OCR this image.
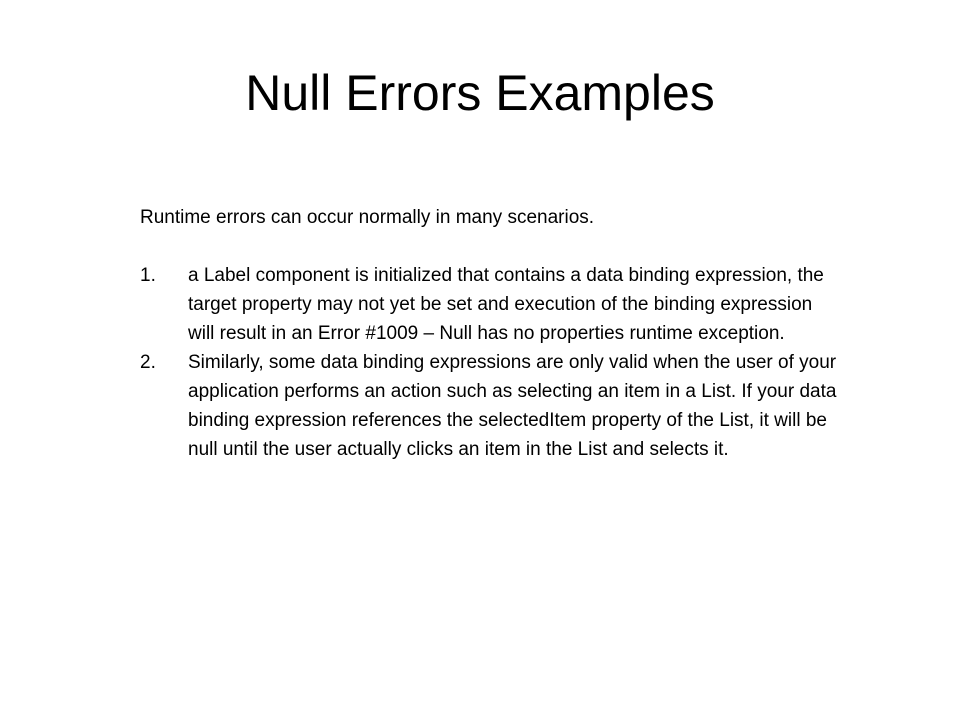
Null Errors Examples

Runtime errors can occur normally in many scenarios.

1. a Label component is initialized that contains a data binding expression, the target property may not yet be set and execution of the binding expression will result in an Error #1009 – Null has no properties runtime exception.
2. Similarly, some data binding expressions are only valid when the user of your application performs an action such as selecting an item in a List. If your data binding expression references the selectedItem property of the List, it will be null until the user actually clicks an item in the List and selects it.
